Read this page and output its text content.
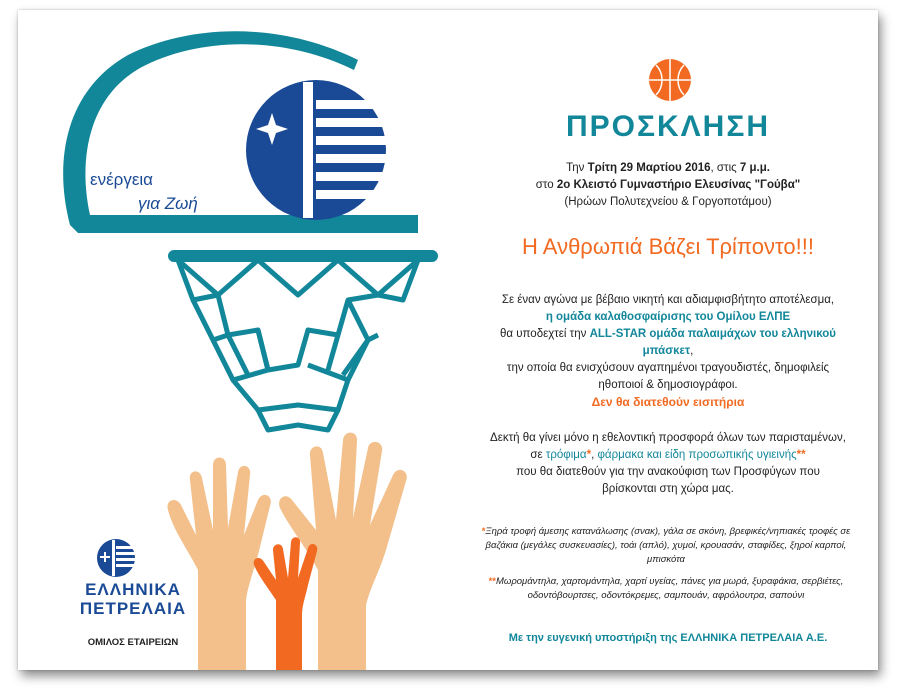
ενέργεια
για Ζωή
ΕΛΛΗΝΙΚΑ
ΠΕΤΡΕΛΑΙΑ
ΟΜΙΛΟΣ ΕΤΑΙΡΕΙΩΝ
ΠΡΟΣΚΛΗΣΗ
Την Τρίτη 29 Μαρτίου 2016, στις 7 μ.μ.
στο 2ο Κλειστό Γυμναστήριο Ελευσίνας "Γούβα"
(Ηρώων Πολυτεχνείου & Γοργοποτάμου)
Η Ανθρωπιά Βάζει Τρίποντο!!!
Σε έναν αγώνα με βέβαιο νικητή και αδιαμφισβήτητο αποτέλεσμα,
η ομάδα καλαθοσφαίρισης του Ομίλου ΕΛΠΕ
θα υποδεχτεί την ALL-STAR ομάδα παλαιμάχων του ελληνικού
μπάσκετ,
την οποία θα ενισχύσουν αγαπημένοι τραγουδιστές, δημοφιλείς
ηθοποιοί & δημοσιογράφοι.
Δεν θα διατεθούν εισιτήρια
Δεκτή θα γίνει μόνο η εθελοντική προσφορά όλων των παρισταμένων,
σε τρόφιμα*, φάρμακα και είδη προσωπικής υγιεινής**
που θα διατεθούν για την ανακούφιση των Προσφύγων που
βρίσκονται στη χώρα μας.
*Ξηρά τροφή άμεσης κατανάλωσης (σνακ), γάλα σε σκόνη, βρεφικές/νηπιακές τροφές σε βαζάκια (μεγάλες συσκευασίες), τοάι (απλό), χυμοί, κρουασάν, σταφίδες, ξηροί καρποί, μπισκότα
**Μωρομάντηλα, χαρτομάντηλα, χαρτί υγείας, πάνες για μωρά, ξυραφάκια, σερβιέτες, οδοντόβουρτσες, οδοντόκρεμες, σαμπουάν, αφρόλουτρα, σαπούνι
Με την ευγενική υποστήριξη της ΕΛΛΗΝΙΚΑ ΠΕΤΡΕΛΑΙΑ Α.Ε.
